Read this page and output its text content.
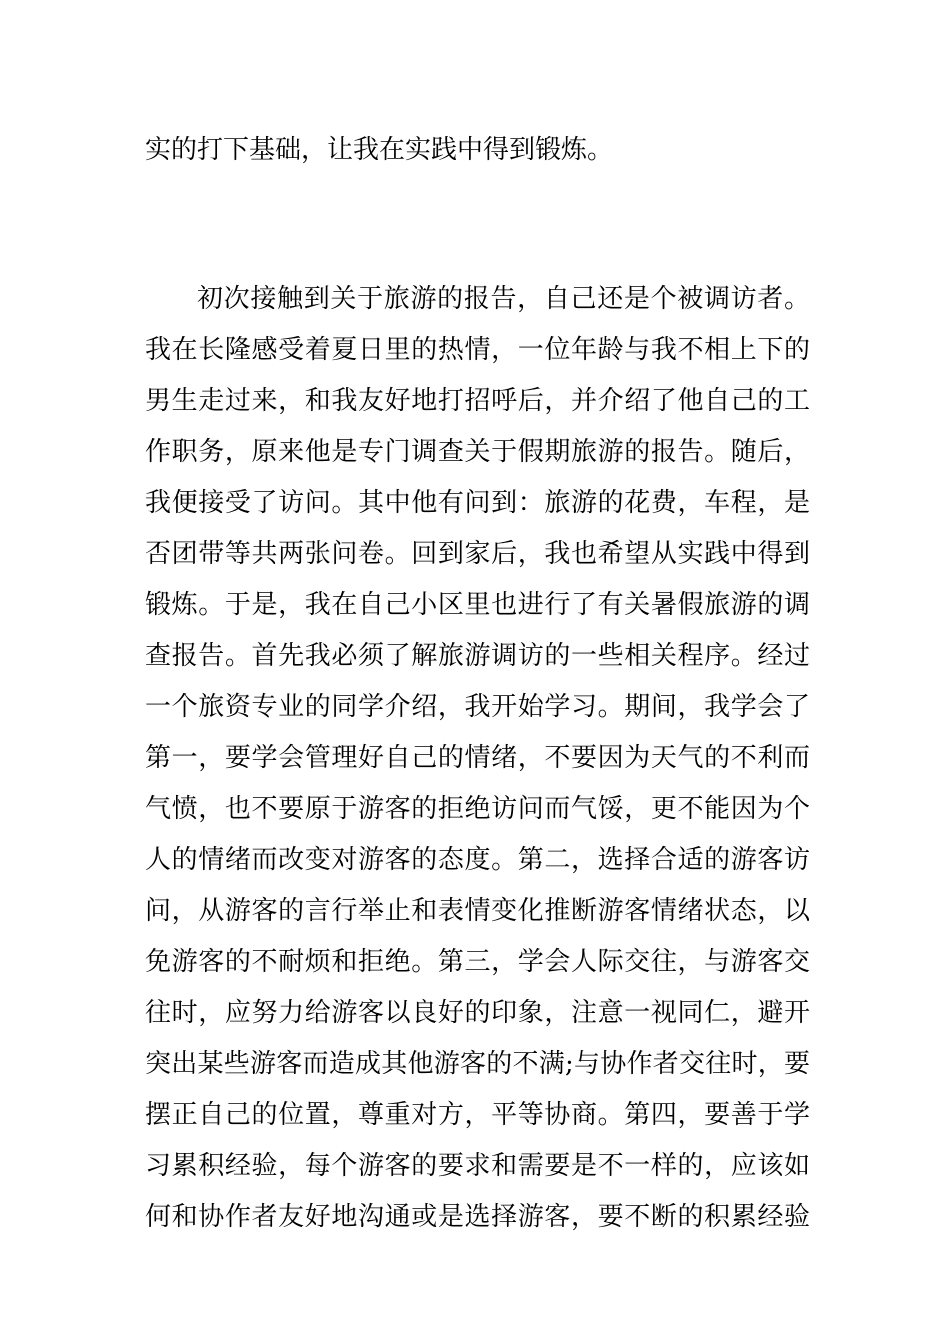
实的打下基础，让我在实践中得到锻炼。
初次接触到关于旅游的报告，自己还是个被调访者。
我在长隆感受着夏日里的热情，一位年龄与我不相上下的
男生走过来，和我友好地打招呼后，并介绍了他自己的工
作职务，原来他是专门调查关于假期旅游的报告。随后，
我便接受了访问。其中他有问到：旅游的花费，车程，是
否团带等共两张问卷。回到家后，我也希望从实践中得到
锻炼。于是，我在自己小区里也进行了有关暑假旅游的调
查报告。首先我必须了解旅游调访的一些相关程序。经过
一个旅资专业的同学介绍，我开始学习。期间，我学会了
第一，要学会管理好自己的情绪，不要因为天气的不利而
气愤，也不要原于游客的拒绝访问而气馁，更不能因为个
人的情绪而改变对游客的态度。第二，选择合适的游客访
问，从游客的言行举止和表情变化推断游客情绪状态，以
免游客的不耐烦和拒绝。第三，学会人际交往，与游客交
往时，应努力给游客以良好的印象，注意一视同仁，避开
突出某些游客而造成其他游客的不满;与协作者交往时，要
摆正自己的位置，尊重对方，平等协商。第四，要善于学
习累积经验，每个游客的要求和需要是不一样的，应该如
何和协作者友好地沟通或是选择游客，要不断的积累经验
